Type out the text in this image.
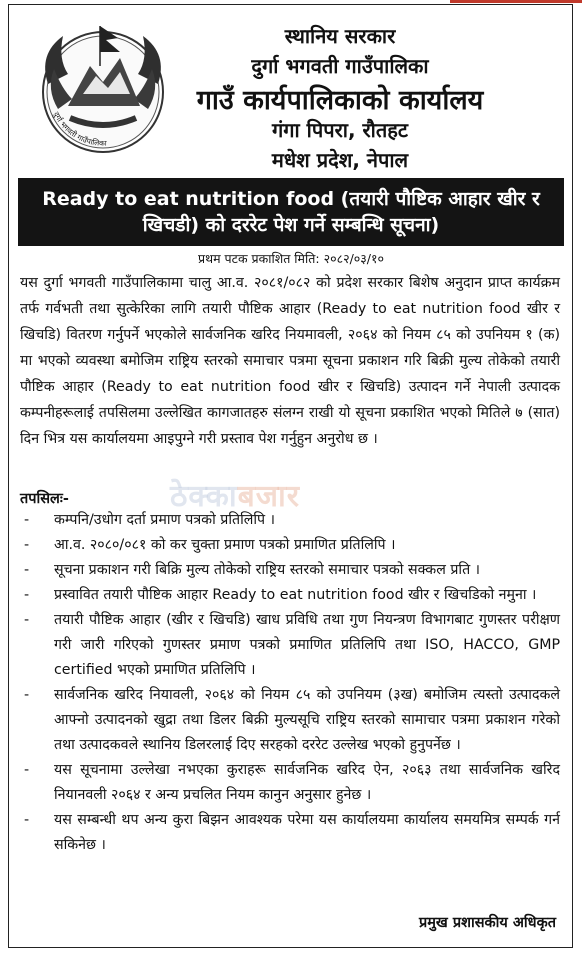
दुर्गा भगवती गाउँपालिका
स्थानिय सरकार
दुर्गा भगवती गाउँपालिका
गाउँ कार्यपालिकाको कार्यालय
गंगा पिपरा, रौतहट
मधेश प्रदेश, नेपाल
Ready to eat nutrition food (तयारी पौष्टिक आहार खीर र खिचडी) को दररेट पेश गर्ने सम्बन्धि सूचना)
प्रथम पटक प्रकाशित मिति: २०८२/०३/१०

यस दुर्गा भगवती गाउँपालिकामा चालु आ.व. २०८१/०८२ को प्रदेश सरकार बिशेष अनुदान प्राप्त कार्यक्रम तर्फ गर्वभती तथा सुत्केरिका लागि तयारी पौष्टिक आहार (Ready to eat nutrition food खीर र खिचडि) वितरण गर्नुपर्ने भएकोले सार्वजनिक खरिद नियमावली, २०६४ को नियम ८५ को उपनियम १ (क) मा भएको व्यवस्था बमोजिम राष्ट्रिय स्तरको समाचार पत्रमा सूचना प्रकाशन गरि बिक्री मुल्य तोकेको तयारी पौष्टिक आहार (Ready to eat nutrition food खीर र खिचडि) उत्पादन गर्ने नेपाली उत्पादक कम्पनीहरूलाई तपसिलमा उल्लेखित कागजातहरु संलग्न राखी यो सूचना प्रकाशित भएको मितिले ७ (सात) दिन भित्र यस कार्यालयमा आइपुग्ने गरी प्रस्ताव पेश गर्नुहुन अनुरोध छ ।

ठेक्काबजार
तपसिलः-
- कम्पनि/उधोग दर्ता प्रमाण पत्रको प्रतिलिपि ।
- आ.व. २०८०/०८१ को कर चुक्ता प्रमाण पत्रको प्रमाणित प्रतिलिपि ।
- सूचना प्रकाशन गरी बिक्रि मुल्य तोकेको राष्ट्रिय स्तरको समाचार पत्रको सक्कल प्रति ।
- प्रस्वावित तयारी पौष्टिक आहार Ready to eat nutrition food खीर र खिचडिको नमुना ।
- तयारी पौष्टिक आहार (खीर र खिचडि) खाध प्रविधि तथा गुण नियन्त्रण विभागबाट गुणस्तर परीक्षण गरी जारी गरिएको गुणस्तर प्रमाण पत्रको प्रमाणित प्रतिलिपि तथा ISO, HACCO, GMP certified भएको प्रमाणित प्रतिलिपि ।
- सार्वजनिक खरिद नियावली, २०६४ को नियम ८५ को उपनियम (३ख) बमोजिम त्यस्तो उत्पादकले आफ्नो उत्पादनको खुद्रा तथा डिलर बिक्री मुल्यसूचि राष्ट्रिय स्तरको सामाचार पत्रमा प्रकाशन गरेको तथा उत्पादकवले स्थानिय डिलरलाई दिए सरहको दररेट उल्लेख भएको हुनुपर्नेछ ।
- यस सूचनामा उल्लेखा नभएका कुराहरू सार्वजनिक खरिद ऐन, २०६३ तथा सार्वजनिक खरिद नियानवली २०६४ र अन्य प्रचलित नियम कानुन अनुसार हुनेछ ।
- यस सम्बन्धी थप अन्य कुरा बिझन आवश्यक परेमा यस कार्यालयमा कार्यालय समयमित्र सम्पर्क गर्न सकिनेछ ।
प्रमुख प्रशासकीय अधिकृत
